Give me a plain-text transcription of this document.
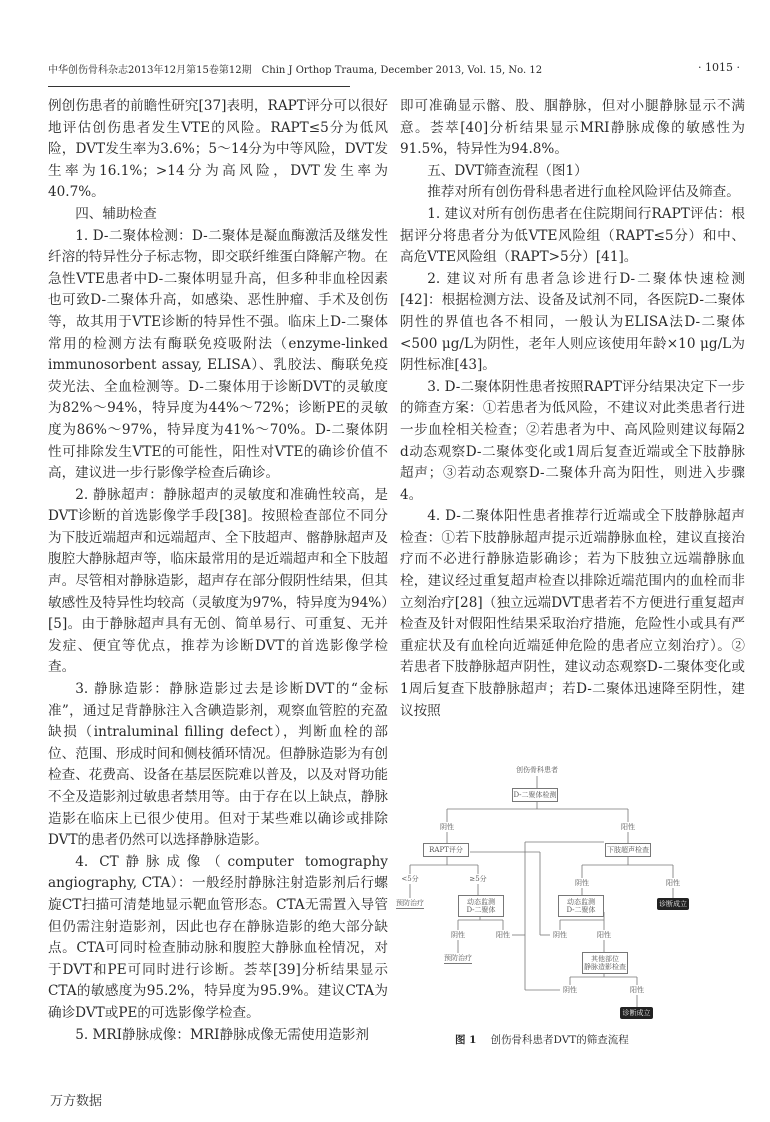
中华创伤骨科杂志2013年12月第15卷第12期　Chin J Orthop Trauma, December 2013, Vol. 15, No. 12	· 1015 ·

例创伤患者的前瞻性研究[37]表明，RAPT评分可以很好地评估创伤患者发生VTE的风险。RAPT≤5分为低风险，DVT发生率为3.6%；5～14分为中等风险，DVT发生率为16.1%；>14分为高风险，DVT发生率为40.7%。

四、辅助检查

1. D-二聚体检测：D-二聚体是凝血酶激活及继发性纤溶的特异性分子标志物，即交联纤维蛋白降解产物。在急性VTE患者中D-二聚体明显升高，但多种非血栓因素也可致D-二聚体升高，如感染、恶性肿瘤、手术及创伤等，故其用于VTE诊断的特异性不强。临床上D-二聚体常用的检测方法有酶联免疫吸附法（enzyme-linked immunosorbent assay, ELISA）、乳胶法、酶联免疫荧光法、全血检测等。D-二聚体用于诊断DVT的灵敏度为82%～94%，特异度为44%～72%；诊断PE的灵敏度为86%～97%，特异度为41%～70%。D-二聚体阴性可排除发生VTE的可能性，阳性对VTE的确诊价值不高，建议进一步行影像学检查后确诊。

2. 静脉超声：静脉超声的灵敏度和准确性较高，是DVT诊断的首选影像学手段[38]。按照检查部位不同分为下肢近端超声和远端超声、全下肢超声、髂静脉超声及腹腔大静脉超声等，临床最常用的是近端超声和全下肢超声。尽管相对静脉造影，超声存在部分假阴性结果，但其敏感性及特异性均较高（灵敏度为97%，特异度为94%）[5]。由于静脉超声具有无创、简单易行、可重复、无并发症、便宜等优点，推荐为诊断DVT的首选影像学检查。

3. 静脉造影：静脉造影过去是诊断DVT的“金标准”，通过足背静脉注入含碘造影剂，观察血管腔的充盈缺损（intraluminal filling defect），判断血栓的部位、范围、形成时间和侧枝循环情况。但静脉造影为有创检查、花费高、设备在基层医院难以普及，以及对肾功能不全及造影剂过敏患者禁用等。由于存在以上缺点，静脉造影在临床上已很少使用。但对于某些难以确诊或排除DVT的患者仍然可以选择静脉造影。

4. CT静脉成像（computer tomography angiography, CTA）：一般经肘静脉注射造影剂后行螺旋CT扫描可清楚地显示靶血管形态。CTA无需置入导管但仍需注射造影剂，因此也存在静脉造影的绝大部分缺点。CTA可同时检查肺动脉和腹腔大静脉血栓情况，对于DVT和PE可同时进行诊断。荟萃[39]分析结果显示CTA的敏感度为95.2%，特异度为95.9%。建议CTA为确诊DVT或PE的可选影像学检查。

5. MRI静脉成像：MRI静脉成像无需使用造影剂

即可准确显示髂、股、腘静脉，但对小腿静脉显示不满意。荟萃[40]分析结果显示MRI静脉成像的敏感性为91.5%，特异性为94.8%。

五、DVT筛查流程（图1）

推荐对所有创伤骨科患者进行血栓风险评估及筛查。

1. 建议对所有创伤患者在住院期间行RAPT评估：根据评分将患者分为低VTE风险组（RAPT≤5分）和中、高危VTE风险组（RAPT>5分）[41]。

2. 建议对所有患者急诊进行D-二聚体快速检测[42]：根据检测方法、设备及试剂不同，各医院D-二聚体阴性的界值也各不相同，一般认为ELISA法D-二聚体<500 μg/L为阴性，老年人则应该使用年龄×10 μg/L为阴性标准[43]。

3. D-二聚体阴性患者按照RAPT评分结果决定下一步的筛查方案：①若患者为低风险，不建议对此类患者行进一步血栓相关检查；②若患者为中、高风险则建议每隔2 d动态观察D-二聚体变化或1周后复查近端或全下肢静脉超声；③若动态观察D-二聚体升高为阳性，则进入步骤4。

4. D-二聚体阳性患者推荐行近端或全下肢静脉超声检查：①若下肢静脉超声提示近端静脉血栓，建议直接治疗而不必进行静脉造影确诊；若为下肢独立远端静脉血栓，建议经过重复超声检查以排除近端范围内的血栓而非立刻治疗[28]（独立远端DVT患者若不方便进行重复超声检查及针对假阳性结果采取治疗措施，危险性小或具有严重症状及有血栓向近端延伸危险的患者应立刻治疗）。②若患者下肢静脉超声阴性，建议动态观察D-二聚体变化或1周后复查下肢静脉超声；若D-二聚体迅速降至阴性，建议按照

创伤骨科患者
D-二聚体检测
阴性	阳性
RAPT评分	下肢超声检查
<5分	≥5分
预防治疗	动态监测
D-二聚体
阴性	阳性
预防治疗
阴性	阳性
诊断成立
动态监测
D-二聚体
阴性	阳性
其他部位
静脉造影检查
阴性	阳性
诊断成立
图 1 创伤骨科患者DVT的筛查流程
万方数据
